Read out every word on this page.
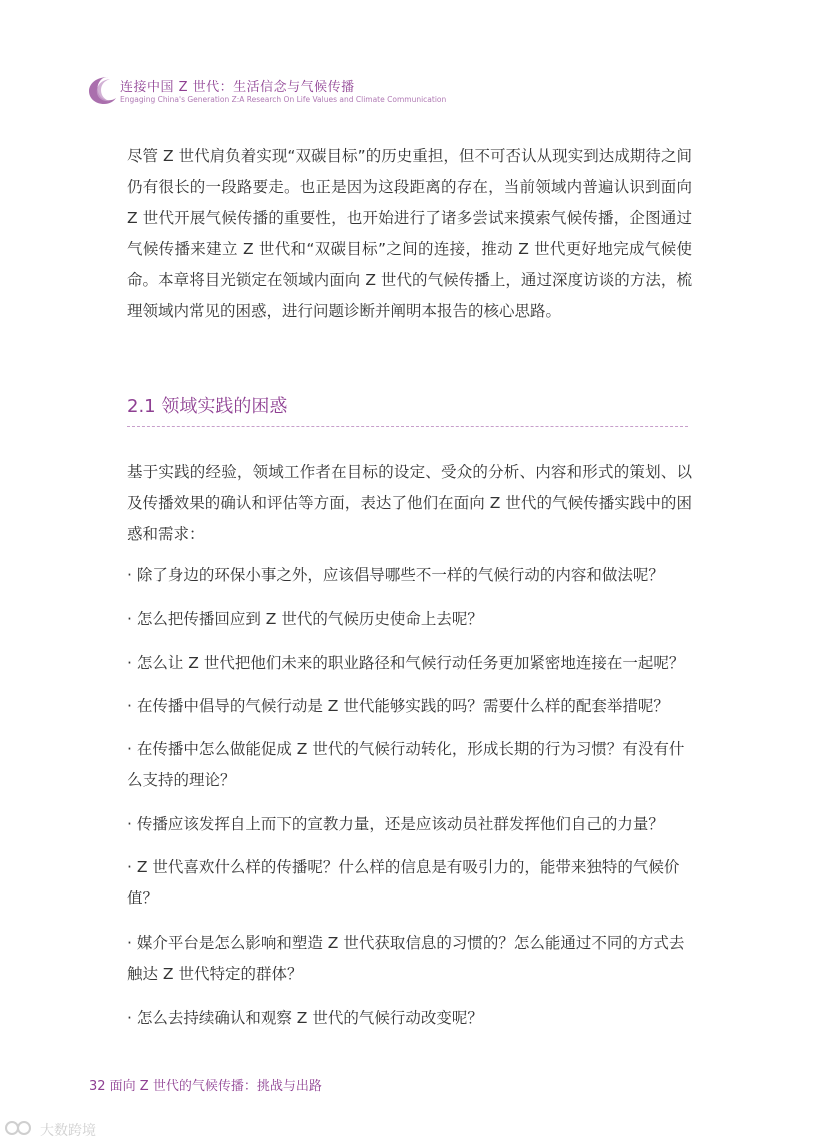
连接中国 Z 世代：生活信念与气候传播
Engaging China's Generation Z:A Research On Life Values and Climate Communication

尽管 Z 世代肩负着实现“双碳目标”的历史重担，但不可否认从现实到达成期待之间仍有很长的一段路要走。也正是因为这段距离的存在，当前领域内普遍认识到面向 Z 世代开展气候传播的重要性，也开始进行了诸多尝试来摸索气候传播，企图通过气候传播来建立 Z 世代和“双碳目标”之间的连接，推动 Z 世代更好地完成气候使命。本章将目光锁定在领域内面向 Z 世代的气候传播上，通过深度访谈的方法，梳理领域内常见的困惑，进行问题诊断并阐明本报告的核心思路。

2.1 领域实践的困惑

基于实践的经验，领域工作者在目标的设定、受众的分析、内容和形式的策划、以及传播效果的确认和评估等方面，表达了他们在面向 Z 世代的气候传播实践中的困惑和需求：

· 除了身边的环保小事之外，应该倡导哪些不一样的气候行动的内容和做法呢？

· 怎么把传播回应到 Z 世代的气候历史使命上去呢？

· 怎么让 Z 世代把他们未来的职业路径和气候行动任务更加紧密地连接在一起呢？

· 在传播中倡导的气候行动是 Z 世代能够实践的吗？需要什么样的配套举措呢？

· 在传播中怎么做能促成 Z 世代的气候行动转化，形成长期的行为习惯？有没有什么支持的理论？

· 传播应该发挥自上而下的宣教力量，还是应该动员社群发挥他们自己的力量？

· Z 世代喜欢什么样的传播呢？什么样的信息是有吸引力的，能带来独特的气候价值？

· 媒介平台是怎么影响和塑造 Z 世代获取信息的习惯的？怎么能通过不同的方式去触达 Z 世代特定的群体？

· 怎么去持续确认和观察 Z 世代的气候行动改变呢？

32 面向 Z 世代的气候传播：挑战与出路
大数跨境
